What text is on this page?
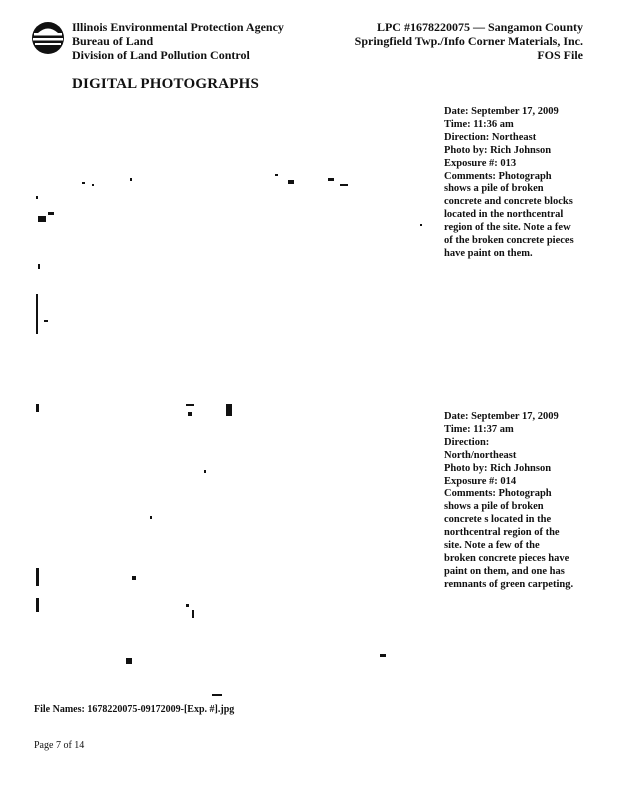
Illinois Environmental Protection Agency
Bureau of Land
Division of Land Pollution Control
LPC #1678220075 — Sangamon County
Springfield Twp./Info Corner Materials, Inc.
FOS File
DIGITAL PHOTOGRAPHS
Date: September 17, 2009
Time: 11:36 am
Direction: Northeast
Photo by: Rich Johnson
Exposure #: 013
Comments: Photograph shows a pile of broken concrete and concrete blocks located in the northcentral region of the site. Note a few of the broken concrete pieces have paint on them.
Date: September 17, 2009
Time: 11:37 am
Direction:
North/northeast
Photo by: Rich Johnson
Exposure #: 014
Comments: Photograph shows a pile of broken concrete s located in the northcentral region of the site. Note a few of the broken concrete pieces have paint on them, and one has remnants of green carpeting.
File Names: 1678220075-09172009-[Exp. #].jpg
Page 7 of 14
